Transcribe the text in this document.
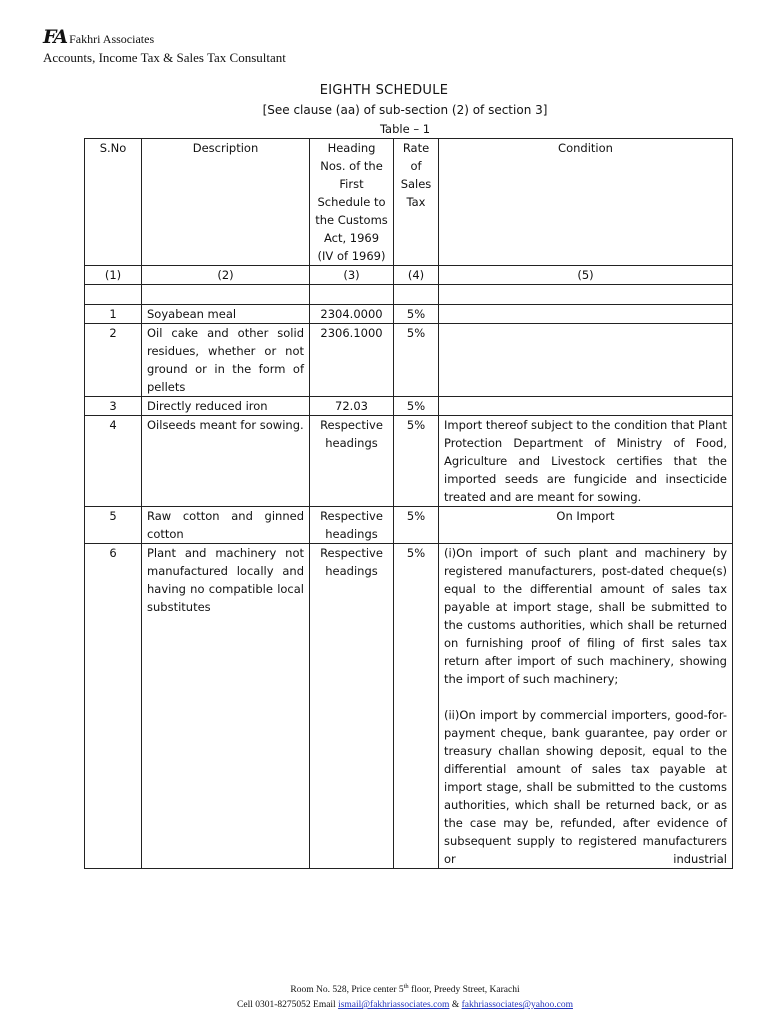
FA Fakhri Associates
Accounts, Income Tax & Sales Tax Consultant
EIGHTH SCHEDULE
[See clause (aa) of sub-section (2) of section 3]
Table – 1
S.No	Description	Heading Nos. of the First Schedule to the Customs Act, 1969 (IV of 1969)	Rate of Sales Tax	Condition
(1)	(2)	(3)	(4)	(5)

1	Soyabean meal	2304.0000	5%	
2	Oil cake and other solid residues, whether or not ground or in the form of pellets	2306.1000	5%	
3	Directly reduced iron	72.03	5%	
4	Oilseeds meant for sowing.	Respective headings	5%	Import thereof subject to the condition that Plant Protection Department of Ministry of Food, Agriculture and Livestock certifies that the imported seeds are fungicide and insecticide treated and are meant for sowing.
5	Raw cotton and ginned cotton	Respective headings	5%	On Import
6	Plant and machinery not manufactured locally and having no compatible local substitutes	Respective headings	5%	(i)On import of such plant and machinery by registered manufacturers, post-dated cheque(s) equal to the differential amount of sales tax payable at import stage, shall be submitted to the customs authorities, which shall be returned on furnishing proof of filing of first sales tax return after import of such machinery, showing the import of such machinery;
(ii)On import by commercial importers, good-for-payment cheque, bank guarantee, pay order or treasury challan showing deposit, equal to the differential amount of sales tax payable at import stage, shall be submitted to the customs authorities, which shall be returned back, or as the case may be, refunded, after evidence of subsequent supply to registered manufacturers or industrial
Room No. 528, Price center 5th floor, Preedy Street, Karachi
Cell 0301-8275052 Email ismail@fakhriassociates.com & fakhriassociates@yahoo.com
